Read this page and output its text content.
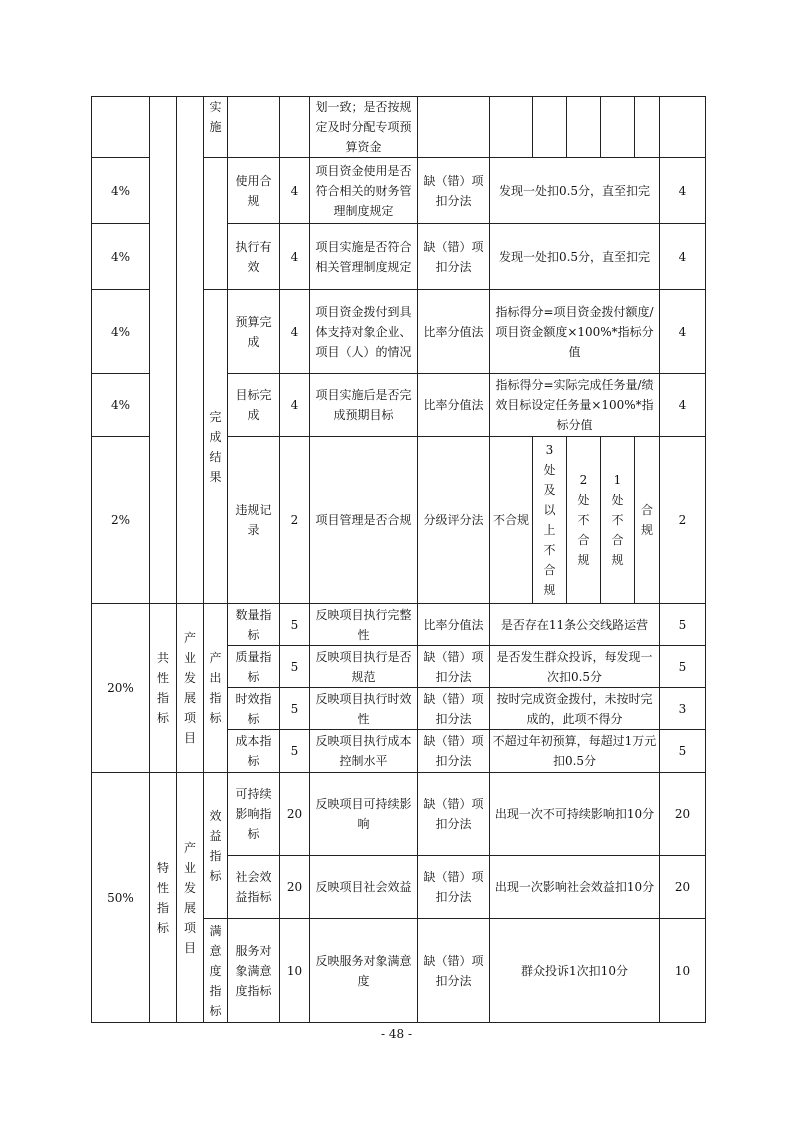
			实施			划一致；是否按规定及时分配专项预算资金							
4%				使用合规	4	项目资金使用是否符合相关的财务管理制度规定	缺（错）项扣分法	发现一处扣0.5分，直至扣完					4
4%				执行有效	4	项目实施是否符合相关管理制度规定	缺（错）项扣分法	发现一处扣0.5分，直至扣完					4
4%			完成结果	预算完成	4	项目资金拨付到具体支持对象企业、项目（人）的情况	比率分值法	指标得分=项目资金拨付额度/项目资金额度×100%*指标分值					4
4%				目标完成	4	项目实施后是否完成预期目标	比率分值法	指标得分=实际完成任务量/绩效目标设定任务量×100%*指标分值					4
2%				违规记录	2	项目管理是否合规	分级评分法	不合规	3处及以上不合规	2处不合规	1处不合规	合规	2
20%	共性指标	产业发展项目	产出指标	数量指标	5	反映项目执行完整性	比率分值法	是否存在11条公交线路运营					5
				质量指标	5	反映项目执行是否规范	缺（错）项扣分法	是否发生群众投诉，每发现一次扣0.5分					5
				时效指标	5	反映项目执行时效性	缺（错）项扣分法	按时完成资金拨付，未按时完成的，此项不得分					3
				成本指标	5	反映项目执行成本控制水平	缺（错）项扣分法	不超过年初预算，每超过1万元扣0.5分					5
50%	特性指标	产业发展项目	效益指标	可持续影响指标	20	反映项目可持续影响	缺（错）项扣分法	出现一次不可持续影响扣10分					20
				社会效益指标	20	反映项目社会效益	缺（错）项扣分法	出现一次影响社会效益扣10分					20
			满意度指标	服务对象满意度指标	10	反映服务对象满意度	缺（错）项扣分法	群众投诉1次扣10分					10
- 48 -
